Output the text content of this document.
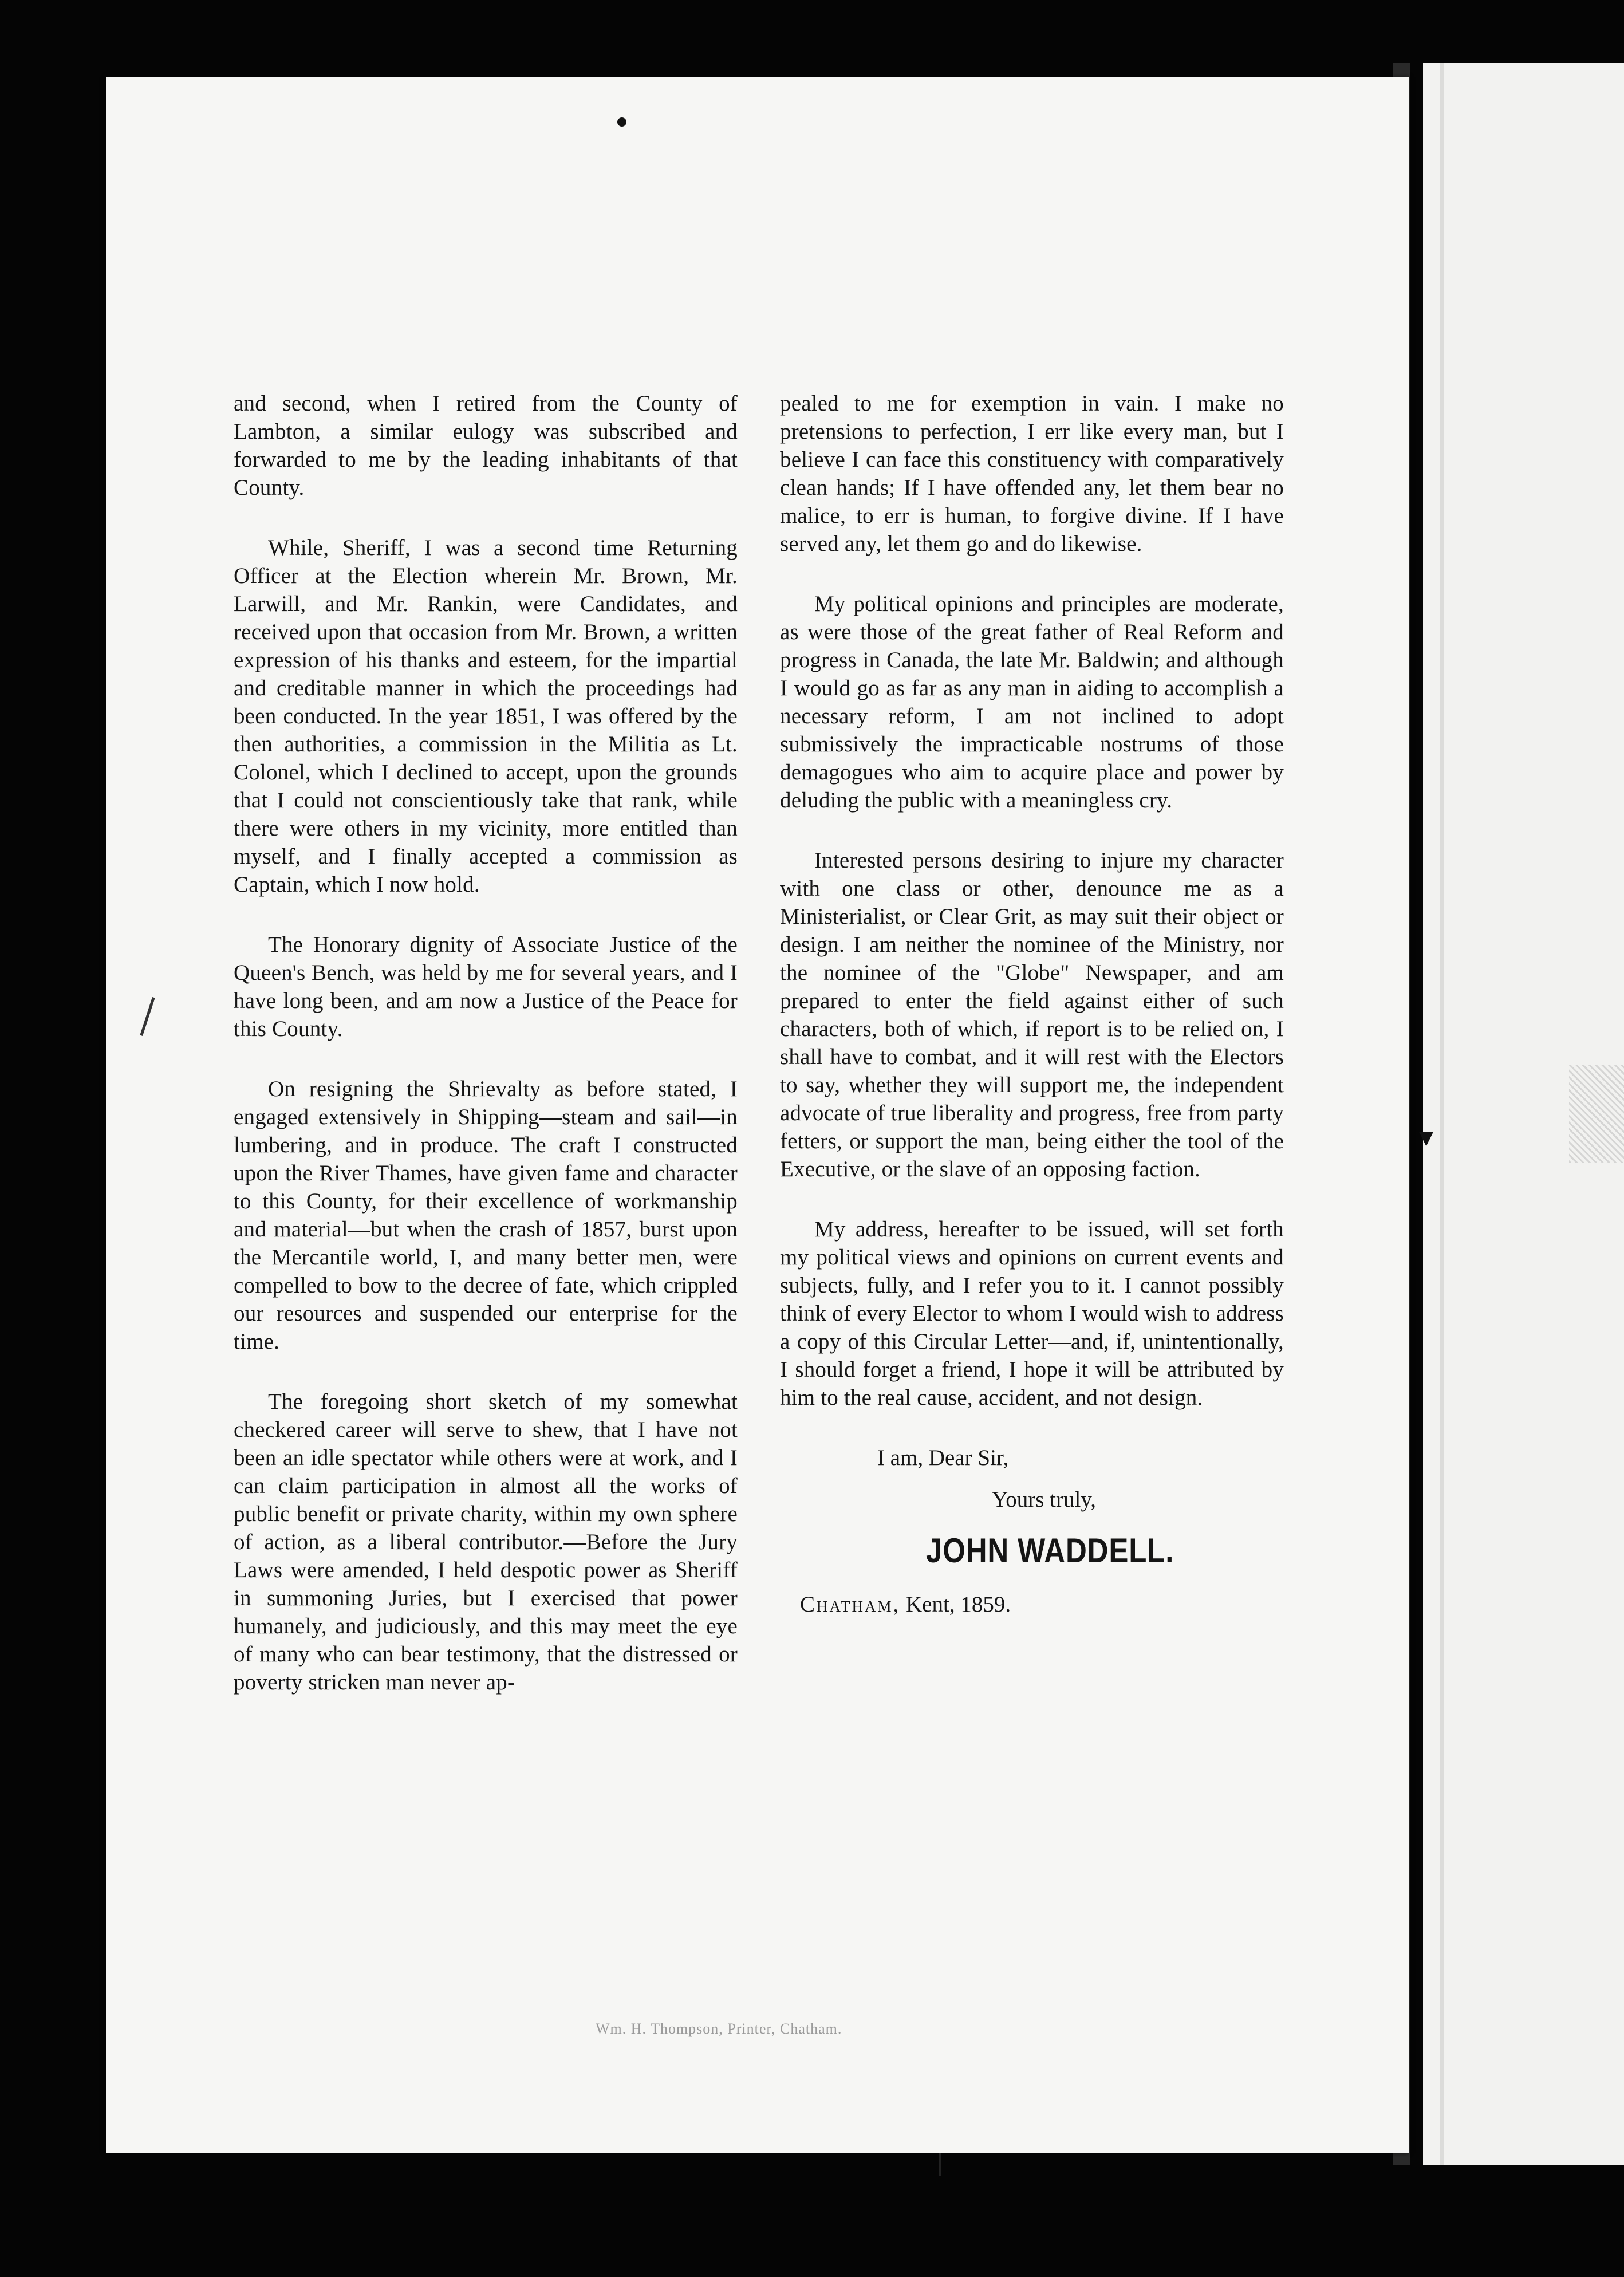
▾

and second, when I retired from the County of Lambton, a similar eulogy was subscribed and forwarded to me by the leading inhabitants of that County.

While, Sheriff, I was a second time Returning Officer at the Election wherein Mr. Brown, Mr. Larwill, and Mr. Rankin, were Candidates, and received upon that occasion from Mr. Brown, a written expression of his thanks and esteem, for the impartial and creditable manner in which the proceedings had been conducted. In the year 1851, I was offered by the then authorities, a commission in the Militia as Lt. Colonel, which I declined to accept, upon the grounds that I could not conscientiously take that rank, while there were others in my vicinity, more entitled than myself, and I finally accepted a commission as Captain, which I now hold.

The Honorary dignity of Associate Justice of the Queen's Bench, was held by me for several years, and I have long been, and am now a Justice of the Peace for this County.

On resigning the Shrievalty as before stated, I engaged extensively in Shipping—steam and sail—in lumbering, and in produce. The craft I constructed upon the River Thames, have given fame and character to this County, for their excellence of workmanship and material—but when the crash of 1857, burst upon the Mercantile world, I, and many better men, were compelled to bow to the decree of fate, which crippled our resources and suspended our enterprise for the time.

The foregoing short sketch of my somewhat checkered career will serve to shew, that I have not been an idle spectator while others were at work, and I can claim participation in almost all the works of public benefit or private charity, within my own sphere of action, as a liberal contributor.—Before the Jury Laws were amended, I held despotic power as Sheriff in summoning Juries, but I exercised that power humanely, and judiciously, and this may meet the eye of many who can bear testimony, that the distressed or poverty stricken man never ap-

pealed to me for exemption in vain. I make no pretensions to perfection, I err like every man, but I believe I can face this constituency with comparatively clean hands; If I have offended any, let them bear no malice, to err is human, to forgive divine. If I have served any, let them go and do likewise.

My political opinions and principles are moderate, as were those of the great father of Real Reform and progress in Canada, the late Mr. Baldwin; and although I would go as far as any man in aiding to accomplish a necessary reform, I am not inclined to adopt submissively the impracticable nostrums of those demagogues who aim to acquire place and power by deluding the public with a meaningless cry.

Interested persons desiring to injure my character with one class or other, denounce me as a Ministerialist, or Clear Grit, as may suit their object or design. I am neither the nominee of the Ministry, nor the nominee of the "Globe" Newspaper, and am prepared to enter the field against either of such characters, both of which, if report is to be relied on, I shall have to combat, and it will rest with the Electors to say, whether they will support me, the independent advocate of true liberality and progress, free from party fetters, or support the man, being either the tool of the Executive, or the slave of an opposing faction.

My address, hereafter to be issued, will set forth my political views and opinions on current events and subjects, fully, and I refer you to it. I cannot possibly think of every Elector to whom I would wish to address a copy of this Circular Letter—and, if, unintentionally, I should forget a friend, I hope it will be attributed by him to the real cause, accident, and not design.

I am, Dear Sir,
Yours truly,
JOHN WADDELL.
Chatham, Kent, 1859.
Wm. H. Thompson, Printer, Chatham.
